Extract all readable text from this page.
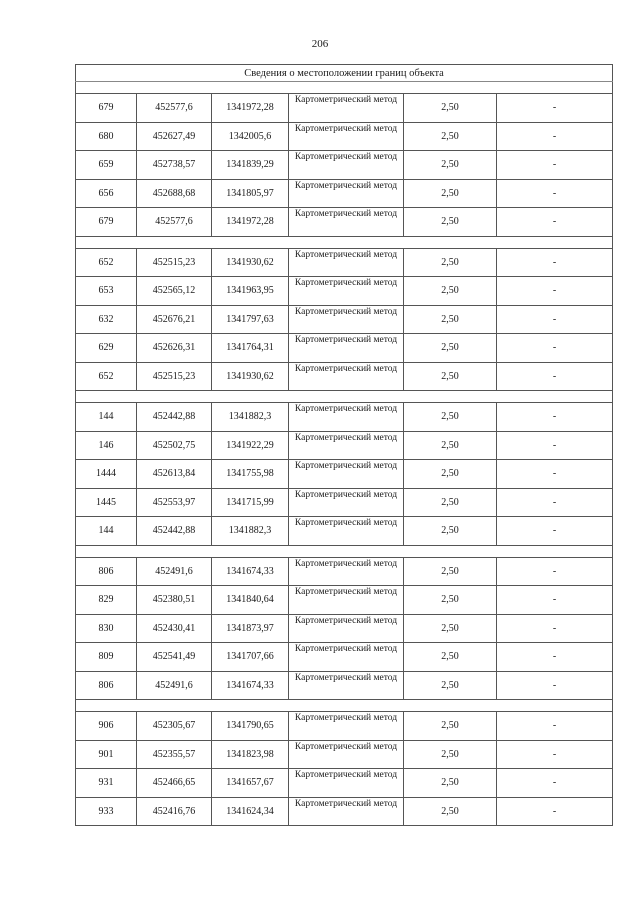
206
Сведения о местоположении границ объекта					

679	452577,6	1341972,28	Картометрический метод	2,50	-
680	452627,49	1342005,6	Картометрический метод	2,50	-
659	452738,57	1341839,29	Картометрический метод	2,50	-
656	452688,68	1341805,97	Картометрический метод	2,50	-
679	452577,6	1341972,28	Картометрический метод	2,50	-

652	452515,23	1341930,62	Картометрический метод	2,50	-
653	452565,12	1341963,95	Картометрический метод	2,50	-
632	452676,21	1341797,63	Картометрический метод	2,50	-
629	452626,31	1341764,31	Картометрический метод	2,50	-
652	452515,23	1341930,62	Картометрический метод	2,50	-

144	452442,88	1341882,3	Картометрический метод	2,50	-
146	452502,75	1341922,29	Картометрический метод	2,50	-
1444	452613,84	1341755,98	Картометрический метод	2,50	-
1445	452553,97	1341715,99	Картометрический метод	2,50	-
144	452442,88	1341882,3	Картометрический метод	2,50	-

806	452491,6	1341674,33	Картометрический метод	2,50	-
829	452380,51	1341840,64	Картометрический метод	2,50	-
830	452430,41	1341873,97	Картометрический метод	2,50	-
809	452541,49	1341707,66	Картометрический метод	2,50	-
806	452491,6	1341674,33	Картометрический метод	2,50	-

906	452305,67	1341790,65	Картометрический метод	2,50	-
901	452355,57	1341823,98	Картометрический метод	2,50	-
931	452466,65	1341657,67	Картометрический метод	2,50	-
933	452416,76	1341624,34	Картометрический метод	2,50	-
